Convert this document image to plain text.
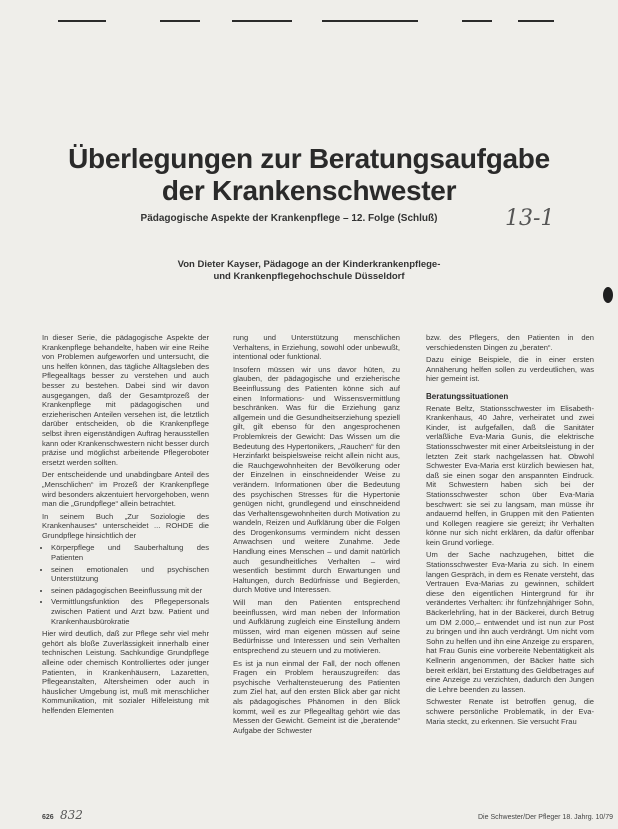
Überlegungen zur Beratungsaufgabe
der Krankenschwester
Pädagogische Aspekte der Krankenpflege – 12. Folge (Schluß)	13-1
Von Dieter Kayser, Pädagoge an der Kinderkrankenpflege-
und Krankenpflegehochschule Düsseldorf

In dieser Serie, die pädagogische Aspekte der Krankenpflege behandelte, haben wir eine Reihe von Problemen aufgeworfen und untersucht, die uns helfen können, das tägliche Alltagsleben des Pflegealltags besser zu verstehen und auch besser zu bestehen. Dabei sind wir davon ausgegangen, daß der Gesamtprozeß der Krankenpflege mit pädagogischen und erzieherischen Anteilen versehen ist, die letztlich darüber entscheiden, ob die Krankenpflege selbst ihren eigenständigen Auftrag herausstellen kann oder Krankenschwestern nicht besser durch präzise und möglichst arbeitende Pflegeroboter ersetzt werden sollten.

Der entscheidende und unabdingbare Anteil des „Menschlichen“ im Prozeß der Krankenpflege wird besonders akzentuiert hervorgehoben, wenn man die „Grundpflege“ allein betrachtet.

In seinem Buch „Zur Soziologie des Krankenhauses“ unterscheidet ... ROHDE die Grundpflege hinsichtlich der

• Körperpflege und Sauberhaltung des Patienten
• seinen emotionalen und psychischen Unterstützung
• seinen pädagogischen Beeinflussung mit der
• Vermittlungsfunktion des Pflegepersonals zwischen Patient und Arzt bzw. Patient und Krankenhausbürokratie

Hier wird deutlich, daß zur Pflege sehr viel mehr gehört als bloße Zuverlässigkeit innerhalb einer technischen Leistung. Sachkundige Grundpflege alleine oder chemisch Kontrolliertes oder junger Patienten, in Krankenhäusern, Lazaretten, Pflegeanstalten, Altersheimen oder auch in häuslicher Umgebung ist, muß mit menschlicher Kommunikation, mit sozialer Hilfeleistung mit helfenden Elementen

rung und Unterstützung menschlichen Verhaltens, in Erziehung, sowohl oder unbewußt, intentional oder funktional.

Insofern müssen wir uns davor hüten, zu glauben, der pädagogische und erzieherische Beeinflussung des Patienten könne sich auf einen Informations- und Wissensvermittlung beschränken. Was für die Erziehung ganz allgemein und die Gesundheitserziehung speziell gilt, gilt ebenso für den angesprochenen Problemkreis der Gewicht: Das Wissen um die Bedeutung des Hypertonikers, „Rauchen“ für den Herzinfarkt beispielsweise reicht allein nicht aus, die Rauchgewohnheiten der Bevölkerung oder der Einzelnen in einschneidender Weise zu verändern. Informationen über die Bedeutung des psychischen Stresses für die Hypertonie genügen nicht, grundlegend und einschneidend das Verhaltensgewohnheiten durch Motivation zu wandeln, Reizen und Aufklärung über die Folgen des Drogenkonsums vermindern nicht dessen Anwachsen und weitere Zunahme. Jede Handlung eines Menschen – und damit natürlich auch gesundheitliches Verhalten – wird wesentlich bestimmt durch Erwartungen und Haltungen, durch Bedürfnisse und Begierden, durch Motive und Interessen.

Will man den Patienten entsprechend beeinflussen, wird man neben der Information und Aufklärung zugleich eine Einstellung ändern müssen, wird man eigenen müssen auf seine Bedürfnisse und Interessen und sein Verhalten entsprechend zu steuern und zu motivieren.

Es ist ja nun einmal der Fall, der noch offenen Fragen ein Problem herauszugreifen: das psychische Verhaltensteuerung des Patienten zum Ziel hat, auf den ersten Blick aber gar nicht als pädagogisches Phänomen in den Blick kommt, weil es zur Pflegealltag gehört wie das Messen der Gewicht. Gemeint ist die „beratende“ Aufgabe der Schwester

bzw. des Pflegers, den Patienten in den verschiedensten Dingen zu „beraten“.

Dazu einige Beispiele, die in einer ersten Annäherung helfen sollen zu verdeutlichen, was hier gemeint ist.

Beratungssituationen

Renate Beltz, Stationsschwester im Elisabeth-Krankenhaus, 40 Jahre, verheiratet und zwei Kinder, ist aufgefallen, daß die Sanitäter verläßliche Eva-Maria Gunis, die elektrische Stationsschwester mit einer Arbeitsleistung in der letzten Zeit stark nachgelassen hat. Obwohl Schwester Eva-Maria erst kürzlich bewiesen hat, daß sie einen sogar den anspannten Eindruck. Mit Schwestern haben sich bei der Stationsschwester schon über Eva-Maria beschwert: sie sei zu langsam, man müsse ihr andauernd helfen, in Gruppen mit den Patienten und Kollegen reagiere sie gereizt; ihr Verhalten könne nur sich nicht erklären, da dafür offenbar kein Grund vorliege.

Um der Sache nachzugehen, bittet die Stationsschwester Eva-Maria zu sich. In einem langen Gespräch, in dem es Renate versteht, das Vertrauen Eva-Marias zu gewinnen, schildert diese den eigentlichen Hintergrund für ihr verändertes Verhalten: ihr fünfzehnjähriger Sohn, Bäckerlehrling, hat in der Bäckerei, durch Betrug um DM 2.000,– entwendet und ist nun zur Post zu bringen und ihn auch verdrängt. Um nicht vom Sohn zu helfen und ihn eine Anzeige zu ersparen, hat Frau Gunis eine vorbereite Nebentätigkeit als Kellnerin angenommen, der Bäcker hatte sich bereit erklärt, bei Erstattung des Geldbetrages auf eine Anzeige zu verzichten, dadurch den Jungen die Lehre beenden zu lassen.

Schwester Renate ist betroffen genug, die schwere persönliche Problematik, in der Eva-Maria steckt, zu erkennen. Sie versucht Frau

626 832	Die Schwester/Der Pfleger 18. Jahrg. 10/79
